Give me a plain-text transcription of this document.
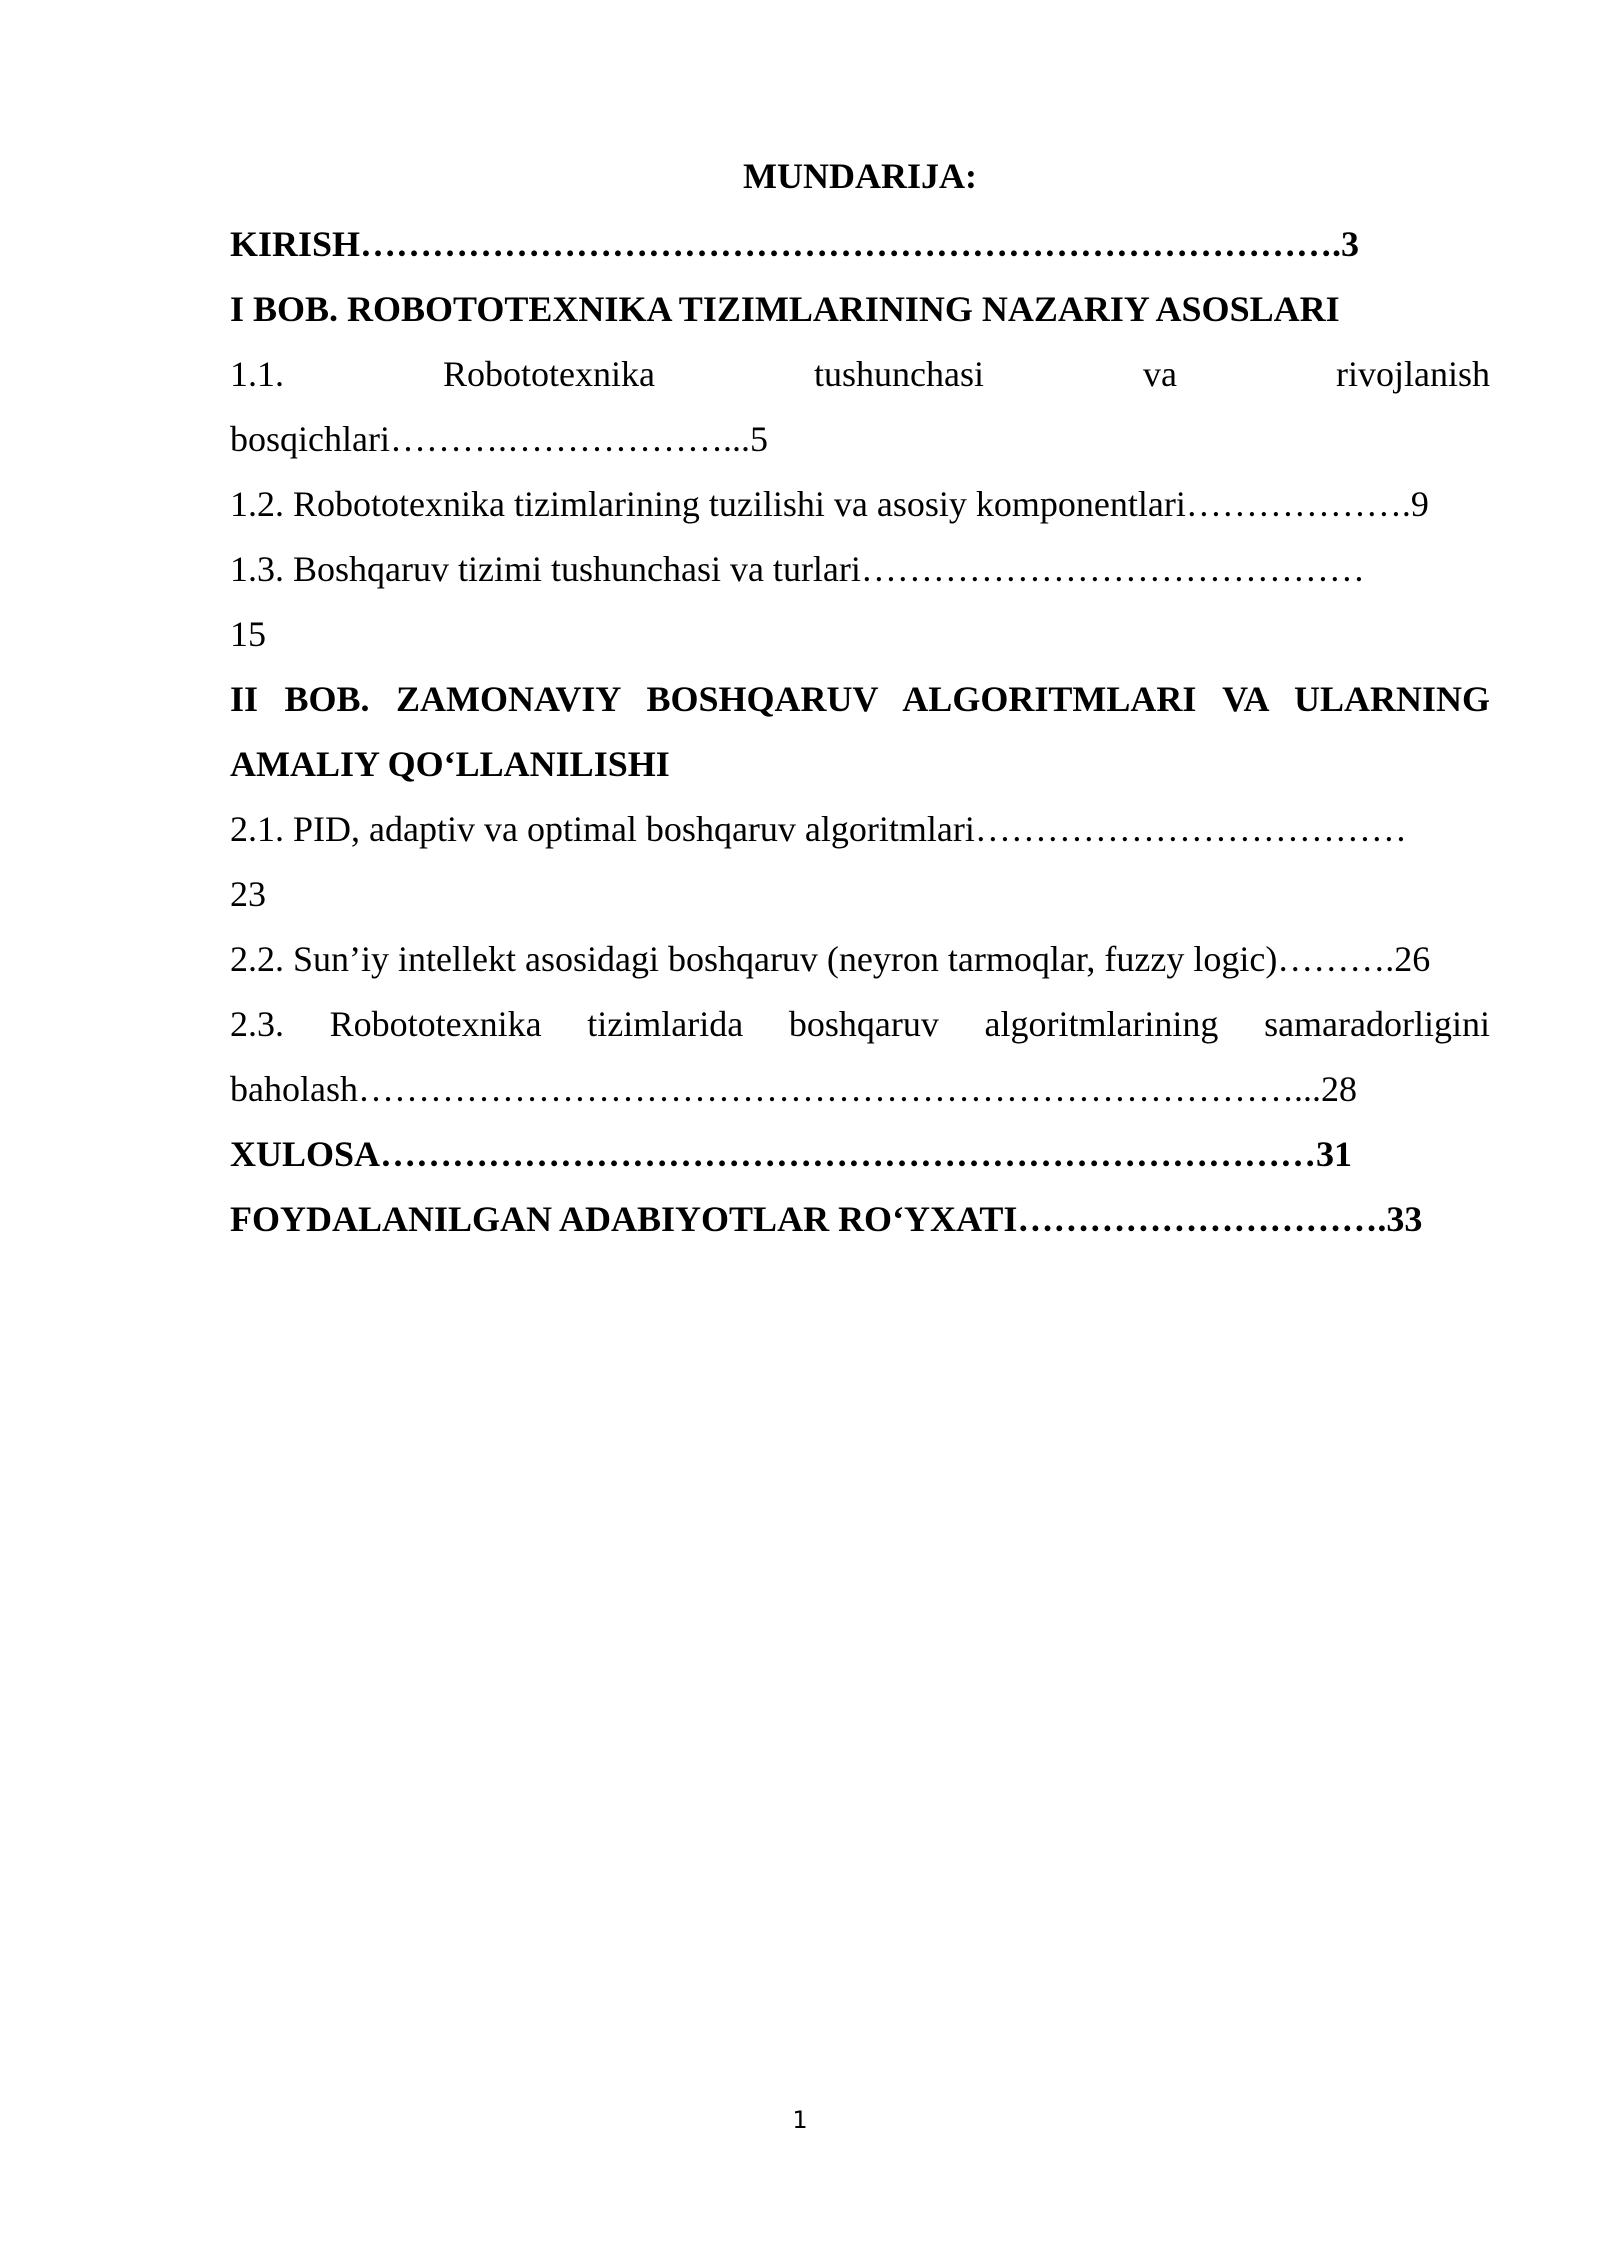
MUNDARIJA:

KIRISH……………………………………………………………………….3

I BOB. ROBOTOTEXNIKA TIZIMLARINING NAZARIY ASOSLARI

1.1.	Robototexnika	tushunchasi	va	rivojlanish

bosqichlari……….………………...5

1.2. Robototexnika tizimlarining tuzilishi va asosiy komponentlari……………….9

1.3. Boshqaruv tizimi tushunchasi va turlari……………………………………

15

II BOB. ZAMONAVIY BOSHQARUV ALGORITMLARI VA ULARNING

AMALIY QO‘LLANILISHI

2.1. PID, adaptiv va optimal boshqaruv algoritmlari………………………………

23

2.2. Sun’iy intellekt asosidagi boshqaruv (neyron tarmoqlar, fuzzy logic)……….26

2.3. Robototexnika tizimlarida boshqaruv algoritmlarining samaradorligini

baholash……………………………………………………………………...28

XULOSA……………………………………………………………………31

FOYDALANILGAN ADABIYOTLAR RO‘YXATI………………………….33

1
